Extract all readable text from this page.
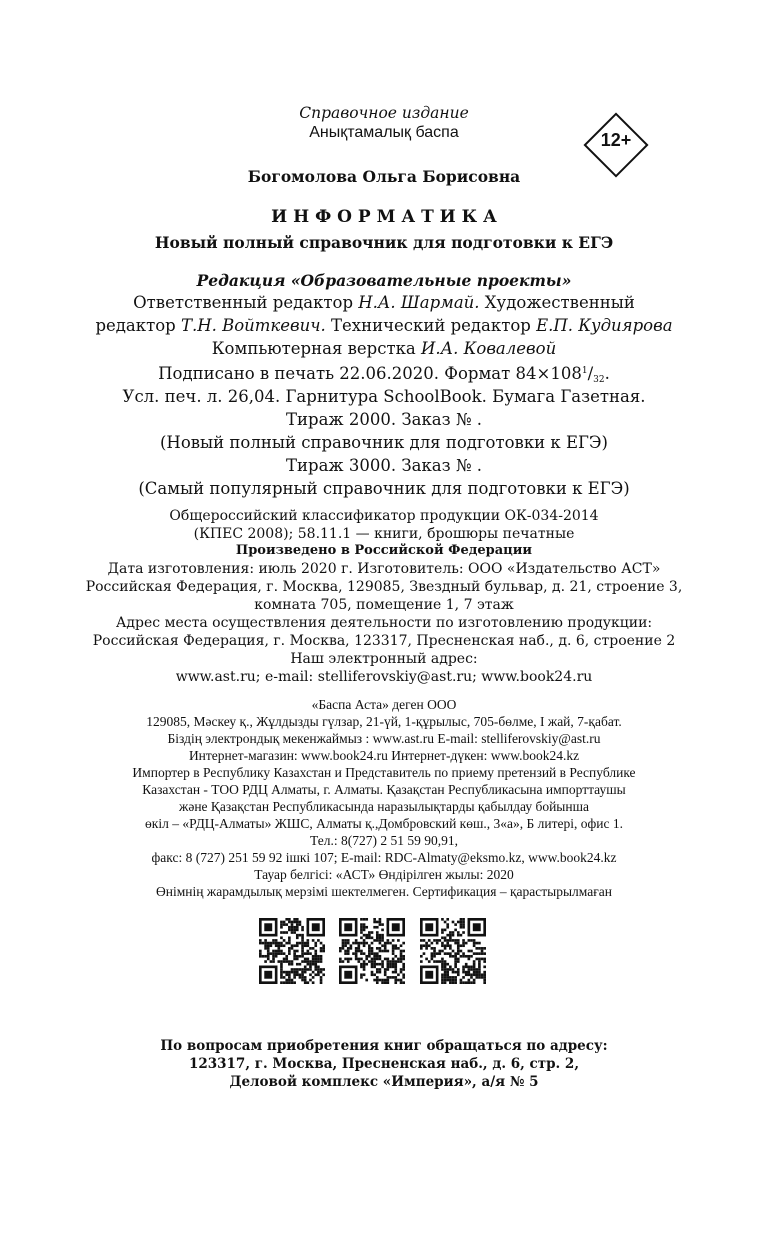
Справочное издание
Анықтамалық баспа	12+
Богомолова Ольга Борисовна
И Н Ф О Р М А Т И К А
Новый полный справочник для подготовки к ЕГЭ
Редакция «Образовательные проекты»
Ответственный редактор Н.А. Шармай. Художественный
редактор Т.Н. Войткевич. Технический редактор Е.П. Кудиярова
Компьютерная верстка И.А. Ковалевой
Подписано в печать 22.06.2020. Формат $84\times 108^1/_{32}$.
Усл. печ. л. 26,04. Гарнитура SchoolBook. Бумага Газетная.
Тираж 2000. Заказ № .
(Новый полный справочник для подготовки к ЕГЭ)
Тираж 3000. Заказ № .
(Самый популярный справочник для подготовки к ЕГЭ)
Общероссийский классификатор продукции ОК-034-2014
(КПЕС 2008); 58.11.1 — книги, брошюры печатные
Произведено в Российской Федерации
Дата изготовления: июль 2020 г. Изготовитель: ООО «Издательство АСТ»
Российская Федерация, г. Москва, 129085, Звездный бульвар, д. 21, строение 3,
комната 705, помещение 1, 7 этаж
Адрес места осуществления деятельности по изготовлению продукции:
Российская Федерация, г. Москва, 123317, Пресненская наб., д. 6, строение 2
Наш электронный адрес:
www.ast.ru; e-mail: stelliferovskiy@ast.ru; www.book24.ru
«Баспа Аста» деген ООО
129085, Мәскеу қ., Жұлдызды гүлзар, 21-үй, 1-құрылыс, 705-бөлме, I жай, 7-қабат.
Біздің электрондық мекенжаймыз : www.ast.ru E-mail: stelliferovskiy@ast.ru
Интернет-магазин: www.book24.ru Интернет-дүкен: www.book24.kz
Импортер в Республику Казахстан и Представитель по приему претензий в Республике
Казахстан - ТОО РДЦ Алматы, г. Алматы. Қазақстан Республикасына импорттаушы
және Қазақстан Республикасында наразылықтарды қабылдау бойынша
өкіл – «РДЦ-Алматы» ЖШС, Алматы қ.,Домбровский көш., 3«а», Б литері, офис 1.
Тел.: 8(727) 2 51 59 90,91,
факс: 8 (727) 251 59 92 ішкі 107; E-mail: RDC-Almaty@eksmo.kz, www.book24.kz
Тауар белгісі: «АСТ» Өндірілген жылы: 2020
Өнімнің жарамдылық мерзімі шектелмеген. Сертификация – қарастырылмаған
По вопросам приобретения книг обращаться по адресу:
123317, г. Москва, Пресненская наб., д. 6, стр. 2,
Деловой комплекс «Империя», а/я № 5
